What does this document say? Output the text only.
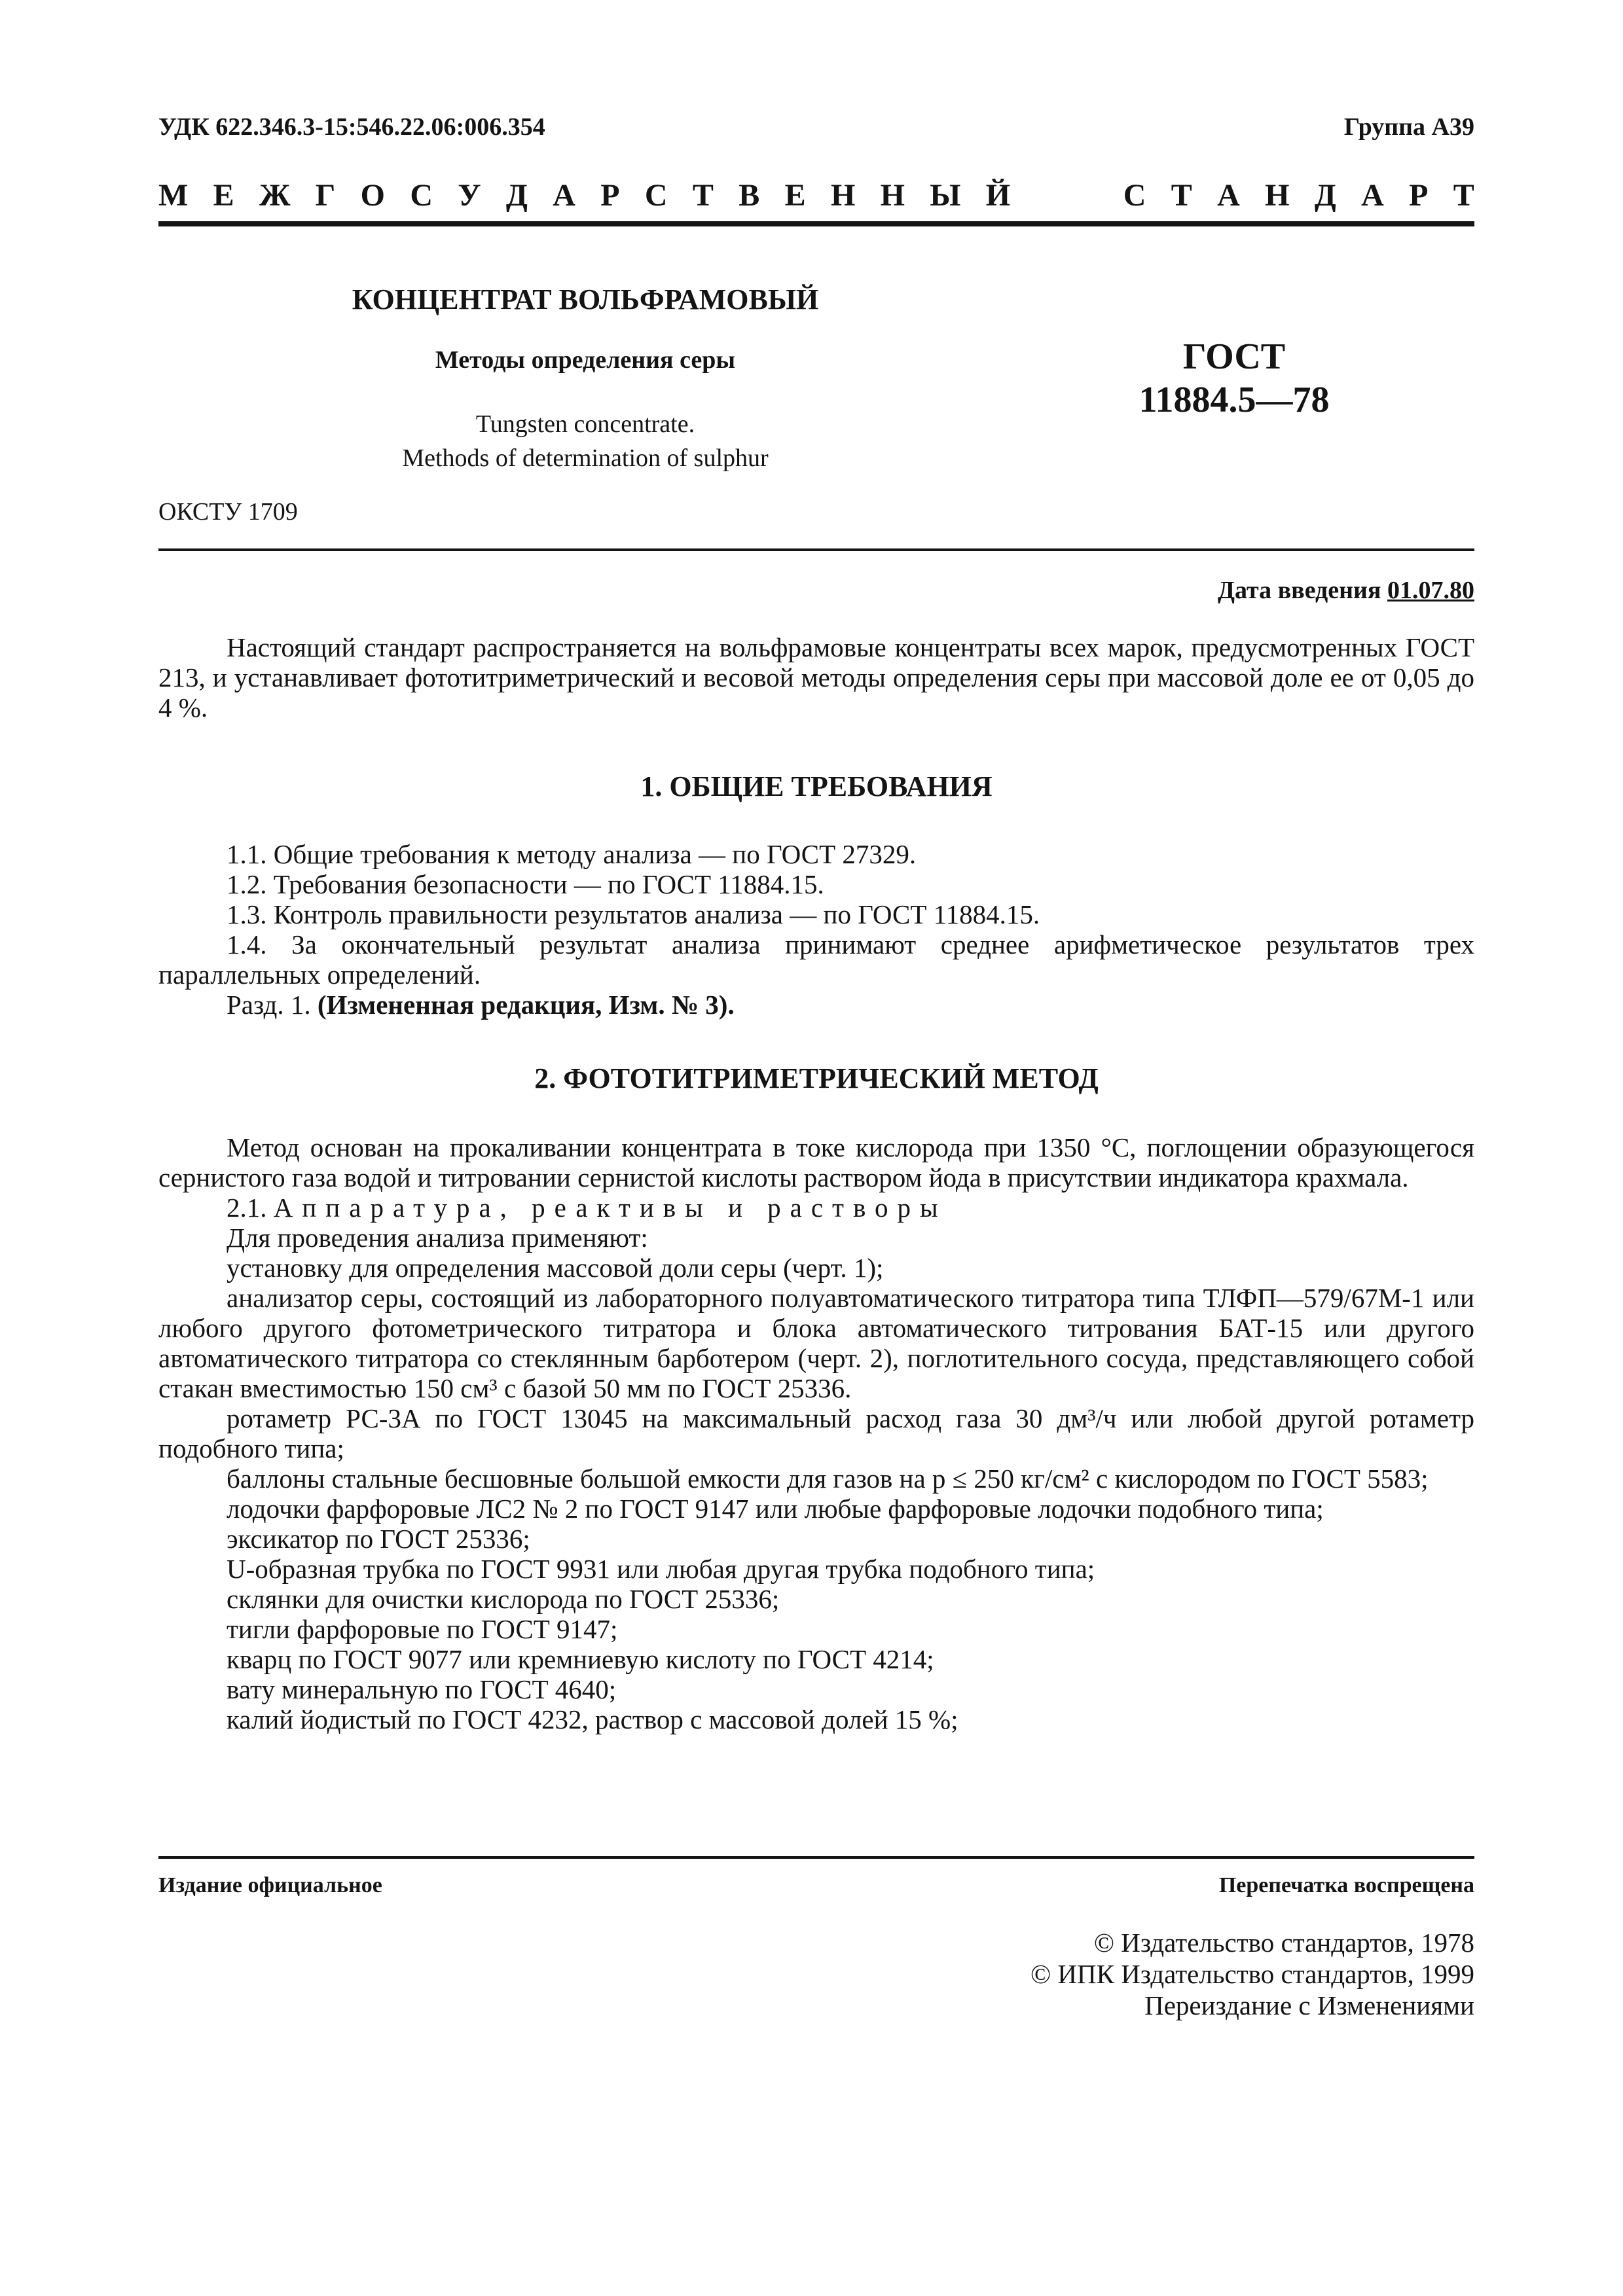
УДК 622.346.3-15:546.22.06:006.354	Группа А39
М Е Ж Г О С У Д А Р С Т В Е Н Н Ы Й	С Т А Н Д А Р Т
КОНЦЕНТРАТ ВОЛЬФРАМОВЫЙ
Методы определения серы
Tungsten concentrate.
Methods of determination of sulphur
ГОСТ
11884.5—78
ОКСТУ 1709
Дата введения 01.07.80

Настоящий стандарт распространяется на вольфрамовые концентраты всех марок, предусмотренных ГОСТ 213, и устанавливает фототитриметрический и весовой методы определения серы при массовой доле ее от 0,05 до 4 %.

1. ОБЩИЕ ТРЕБОВАНИЯ

1.1. Общие требования к методу анализа — по ГОСТ 27329.

1.2. Требования безопасности — по ГОСТ 11884.15.

1.3. Контроль правильности результатов анализа — по ГОСТ 11884.15.

1.4. За окончательный результат анализа принимают среднее арифметическое результатов трех параллельных определений.

Разд. 1. (Измененная редакция, Изм. № 3).

2. ФОТОТИТРИМЕТРИЧЕСКИЙ МЕТОД

Метод основан на прокаливании концентрата в токе кислорода при 1350 °С, поглощении образующегося сернистого газа водой и титровании сернистой кислоты раствором йода в присутствии индикатора крахмала.

2.1. Аппаратура, реактивы и растворы

Для проведения анализа применяют:

установку для определения массовой доли серы (черт. 1);

анализатор серы, состоящий из лабораторного полуавтоматического титратора типа ТЛФП—579/67М-1 или любого другого фотометрического титратора и блока автоматического титрования БАТ-15 или другого автоматического титратора со стеклянным барботером (черт. 2), поглотительного сосуда, представляющего собой стакан вместимостью 150 см³ с базой 50 мм по ГОСТ 25336.

ротаметр РС-3А по ГОСТ 13045 на максимальный расход газа 30 дм³/ч или любой другой ротаметр подобного типа;

баллоны стальные бесшовные большой емкости для газов на p ≤ 250 кг/см² с кислородом по ГОСТ 5583;

лодочки фарфоровые ЛС2 № 2 по ГОСТ 9147 или любые фарфоровые лодочки подобного типа;

эксикатор по ГОСТ 25336;

U-образная трубка по ГОСТ 9931 или любая другая трубка подобного типа;

склянки для очистки кислорода по ГОСТ 25336;

тигли фарфоровые по ГОСТ 9147;

кварц по ГОСТ 9077 или кремниевую кислоту по ГОСТ 4214;

вату минеральную по ГОСТ 4640;

калий йодистый по ГОСТ 4232, раствор с массовой долей 15 %;

Издание официальное	Перепечатка воспрещена
© Издательство стандартов, 1978
© ИПК Издательство стандартов, 1999
Переиздание с Изменениями
